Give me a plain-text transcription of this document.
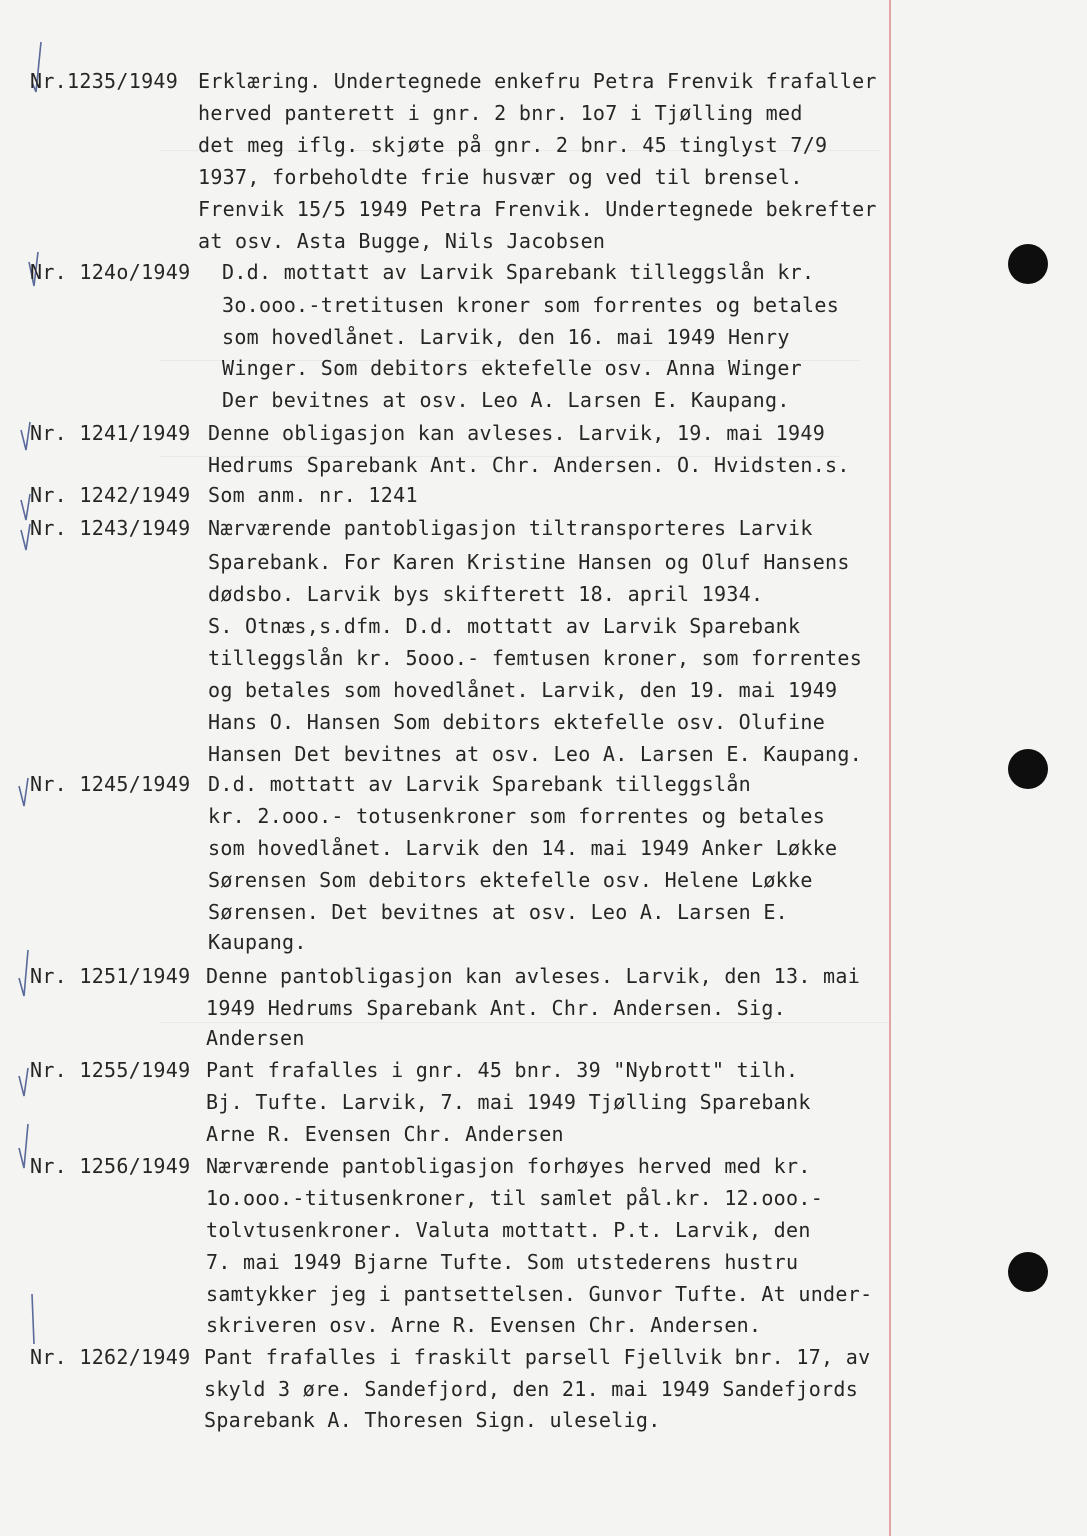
Nr.1235/1949 Erklæring. Undertegnede enkefru Petra Frenvik frafaller
herved panterett i gnr. 2 bnr. 1o7 i Tjølling med
det meg iflg. skjøte på gnr. 2 bnr. 45 tinglyst 7/9
1937, forbeholdte frie husvær og ved til brensel.
Frenvik 15/5 1949 Petra Frenvik. Undertegnede bekrefter
at osv. Asta Bugge, Nils Jacobsen
Nr. 124o/1949 D.d. mottatt av Larvik Sparebank tilleggslån kr.
3o.ooo.-tretitusen kroner som forrentes og betales
som hovedlånet. Larvik, den 16. mai 1949 Henry
Winger. Som debitors ektefelle osv. Anna Winger
Der bevitnes at osv. Leo A. Larsen E. Kaupang.
Nr. 1241/1949 Denne obligasjon kan avleses. Larvik, 19. mai 1949
Hedrums Sparebank Ant. Chr. Andersen. O. Hvidsten.s.
Nr. 1242/1949 Som anm. nr. 1241
Nr. 1243/1949 Nærværende pantobligasjon tiltransporteres Larvik
Sparebank. For Karen Kristine Hansen og Oluf Hansens
dødsbo. Larvik bys skifterett 18. april 1934.
S. Otnæs,s.dfm. D.d. mottatt av Larvik Sparebank
tilleggslån kr. 5ooo.- femtusen kroner, som forrentes
og betales som hovedlånet. Larvik, den 19. mai 1949
Hans O. Hansen Som debitors ektefelle osv. Olufine
Hansen Det bevitnes at osv. Leo A. Larsen E. Kaupang.
Nr. 1245/1949 D.d. mottatt av Larvik Sparebank tilleggslån
kr. 2.ooo.- totusenkroner som forrentes og betales
som hovedlånet. Larvik den 14. mai 1949 Anker Løkke
Sørensen Som debitors ektefelle osv. Helene Løkke
Sørensen. Det bevitnes at osv. Leo A. Larsen E.
Kaupang.
Nr. 1251/1949 Denne pantobligasjon kan avleses. Larvik, den 13. mai
1949 Hedrums Sparebank Ant. Chr. Andersen. Sig.
Andersen
Nr. 1255/1949 Pant frafalles i gnr. 45 bnr. 39 "Nybrott" tilh.
Bj. Tufte. Larvik, 7. mai 1949 Tjølling Sparebank
Arne R. Evensen Chr. Andersen
Nr. 1256/1949 Nærværende pantobligasjon forhøyes herved med kr.
1o.ooo.-titusenkroner, til samlet pål.kr. 12.ooo.-
tolvtusenkroner. Valuta mottatt. P.t. Larvik, den
7. mai 1949 Bjarne Tufte. Som utstederens hustru
samtykker jeg i pantsettelsen. Gunvor Tufte. At under-
skriveren osv. Arne R. Evensen Chr. Andersen.
Nr. 1262/1949 Pant frafalles i fraskilt parsell Fjellvik bnr. 17, av
skyld 3 øre. Sandefjord, den 21. mai 1949 Sandefjords
Sparebank A. Thoresen Sign. uleselig.
